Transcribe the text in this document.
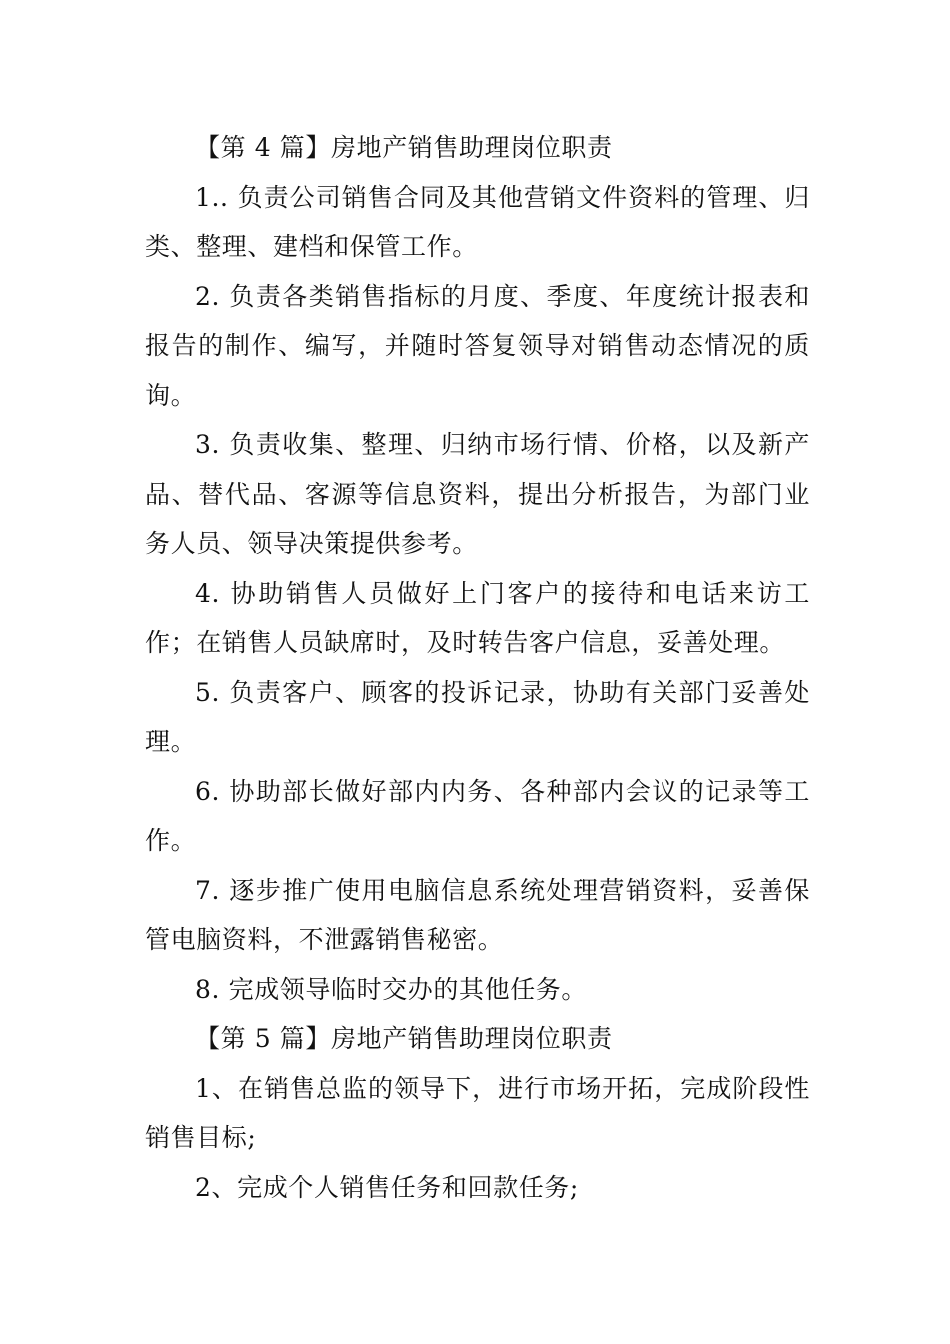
【第 4 篇】房地产销售助理岗位职责

1.. 负责公司销售合同及其他营销文件资料的管理、归类、整理、建档和保管工作。

2. 负责各类销售指标的月度、季度、年度统计报表和报告的制作、编写，并随时答复领导对销售动态情况的质询。

3. 负责收集、整理、归纳市场行情、价格，以及新产品、替代品、客源等信息资料，提出分析报告，为部门业务人员、领导决策提供参考。

4. 协助销售人员做好上门客户的接待和电话来访工作；在销售人员缺席时，及时转告客户信息，妥善处理。

5. 负责客户、顾客的投诉记录，协助有关部门妥善处理。

6. 协助部长做好部内内务、各种部内会议的记录等工作。

7. 逐步推广使用电脑信息系统处理营销资料，妥善保管电脑资料，不泄露销售秘密。

8. 完成领导临时交办的其他任务。

【第 5 篇】房地产销售助理岗位职责

1、在销售总监的领导下，进行市场开拓，完成阶段性销售目标;

2、完成个人销售任务和回款任务;
